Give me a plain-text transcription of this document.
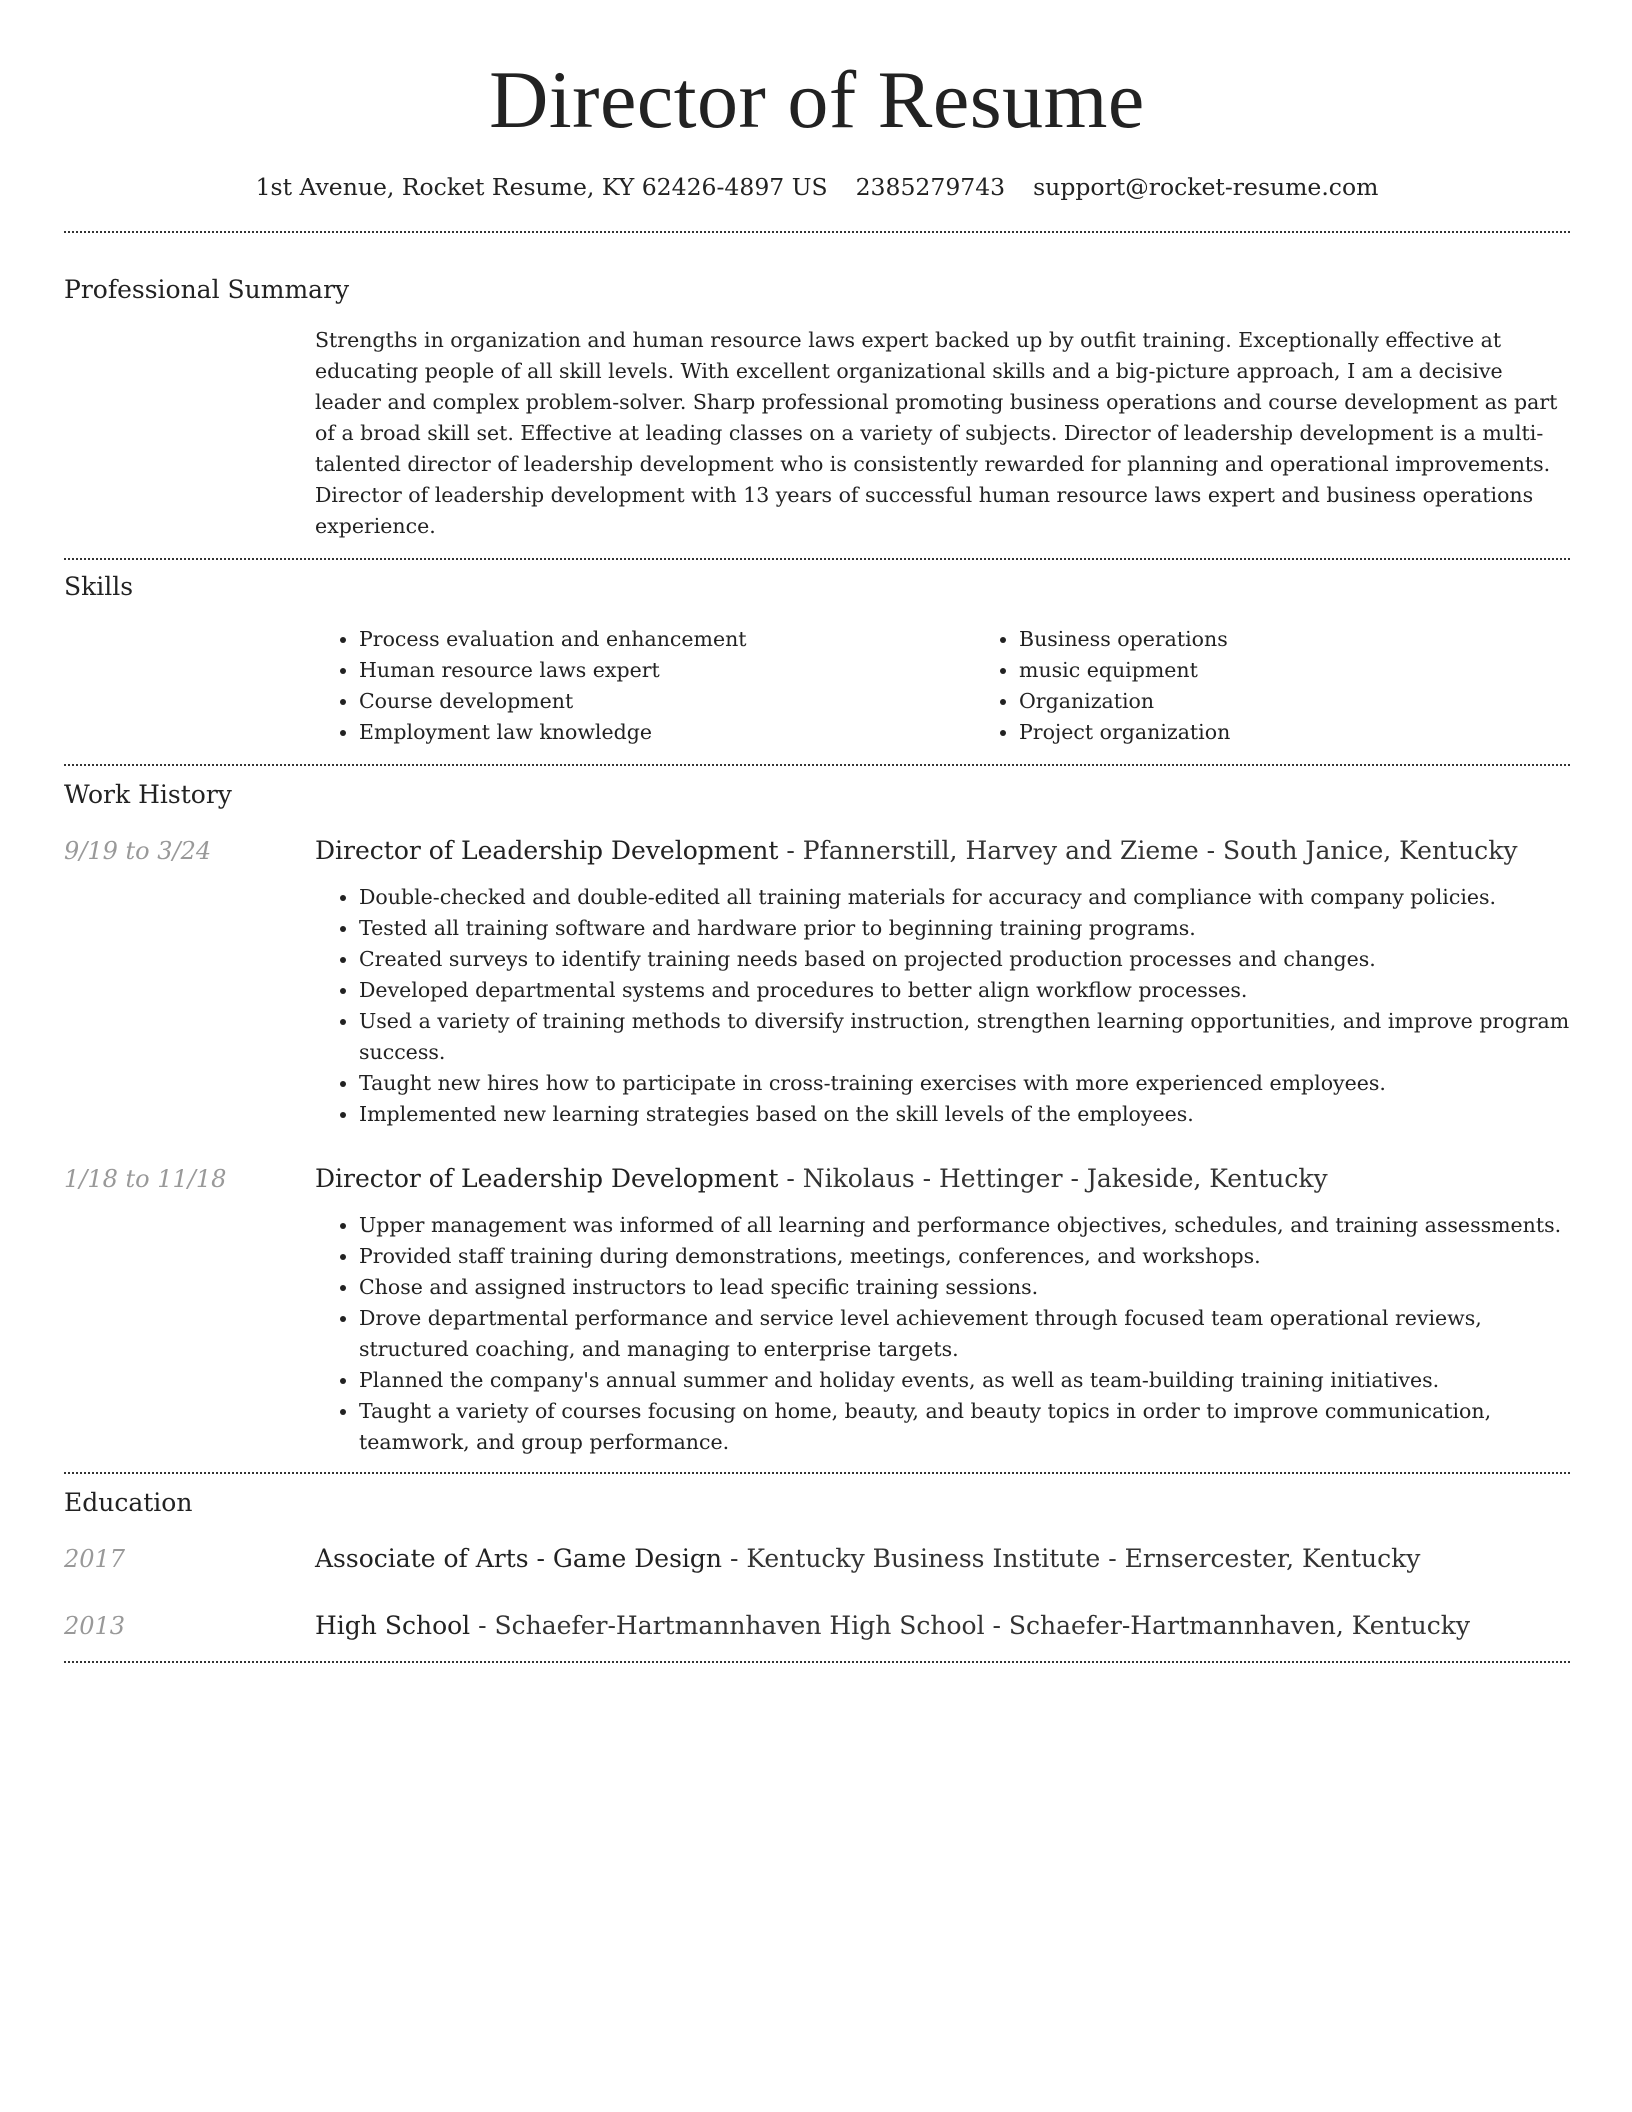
Director of Resume
1st Avenue, Rocket Resume, KY 62426-4897 US 2385279743 support@rocket-resume.com
Professional Summary

Strengths in organization and human resource laws expert backed up by outfit training. Exceptionally effective at educating people of all skill levels. With excellent organizational skills and a big-picture approach, I am a decisive leader and complex problem-solver. Sharp professional promoting business operations and course development as part of a broad skill set. Effective at leading classes on a variety of subjects. Director of leadership development is a multi-talented director of leadership development who is consistently rewarded for planning and operational improvements. Director of leadership development with 13 years of successful human resource laws expert and business operations experience.

Skills
• Process evaluation and enhancement
• Human resource laws expert
• Course development
• Employment law knowledge
• Business operations
• music equipment
• Organization
• Project organization
Work History
9/19 to 3/24	Director of Leadership Development - Pfannerstill, Harvey and Zieme - South Janice, Kentucky
• Double-checked and double-edited all training materials for accuracy and compliance with company policies.
• Tested all training software and hardware prior to beginning training programs.
• Created surveys to identify training needs based on projected production processes and changes.
• Developed departmental systems and procedures to better align workflow processes.
• Used a variety of training methods to diversify instruction, strengthen learning opportunities, and improve program success.
• Taught new hires how to participate in cross-training exercises with more experienced employees.
• Implemented new learning strategies based on the skill levels of the employees.
1/18 to 11/18	Director of Leadership Development - Nikolaus - Hettinger - Jakeside, Kentucky
• Upper management was informed of all learning and performance objectives, schedules, and training assessments.
• Provided staff training during demonstrations, meetings, conferences, and workshops.
• Chose and assigned instructors to lead specific training sessions.
• Drove departmental performance and service level achievement through focused team operational reviews, structured coaching, and managing to enterprise targets.
• Planned the company's annual summer and holiday events, as well as team-building training initiatives.
• Taught a variety of courses focusing on home, beauty, and beauty topics in order to improve communication, teamwork, and group performance.
Education
2017	Associate of Arts - Game Design - Kentucky Business Institute - Ernsercester, Kentucky
2013	High School - Schaefer-Hartmannhaven High School - Schaefer-Hartmannhaven, Kentucky
